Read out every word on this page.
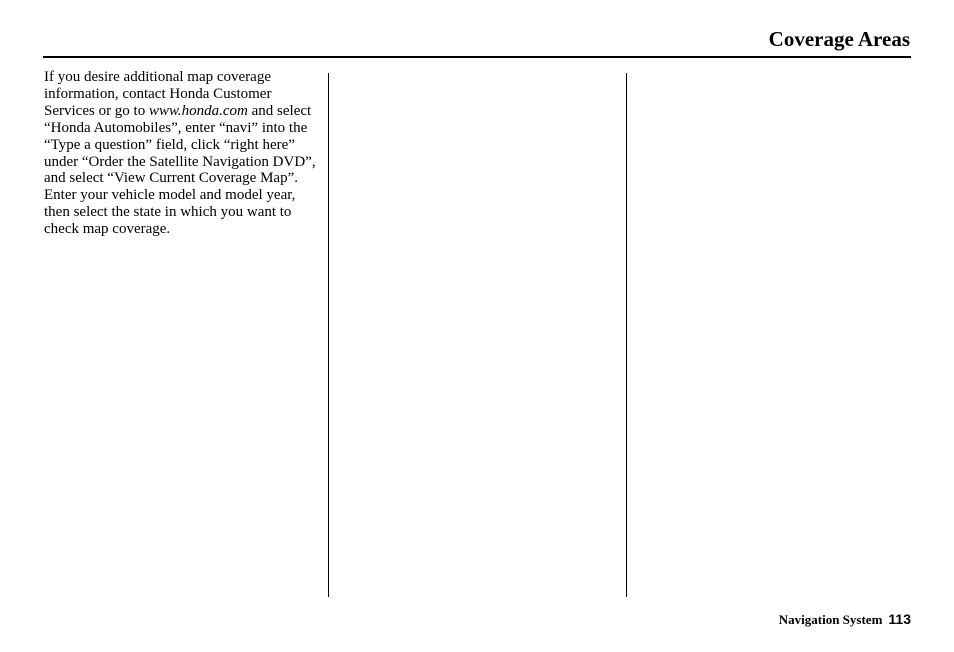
Coverage Areas

If you desire additional map coverage information, contact Honda Customer Services or go to www.honda.com and select “Honda Automobiles”, enter “navi” into the “Type a question” field, click “right here” under “Order the Satellite Navigation DVD”, and select “View Current Coverage Map”. Enter your vehicle model and model year, then select the state in which you want to check map coverage.

Navigation System 113
